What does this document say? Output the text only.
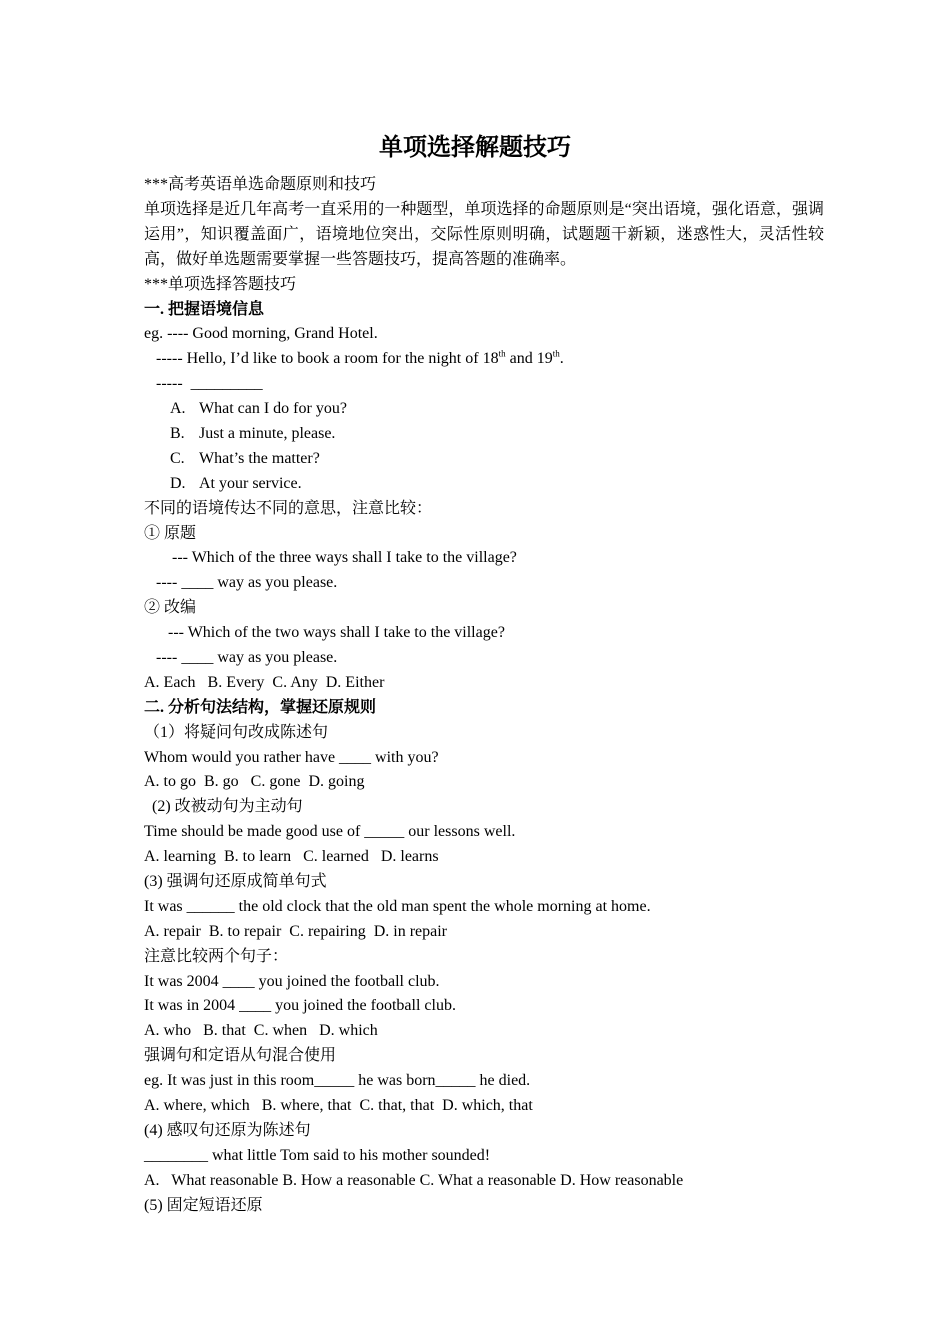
单项选择解题技巧
***高考英语单选命题原则和技巧
单项选择是近几年高考一直采用的一种题型，单项选择的命题原则是“突出语境，强化语意，强调运用”，知识覆盖面广，语境地位突出，交际性原则明确，试题题干新颖，迷惑性大，灵活性较高，做好单选题需要掌握一些答题技巧，提高答题的准确率。
***单项选择答题技巧
一. 把握语境信息
eg. ---- Good morning, Grand Hotel.
----- Hello, I’d like to book a room for the night of 18th and 19th.
-----  _________
A. What can I do for you?
B. Just a minute, please.
C. What’s the matter?
D. At your service.
不同的语境传达不同的意思，注意比较：
① 原题
--- Which of the three ways shall I take to the village?
---- ____ way as you please.
② 改编
--- Which of the two ways shall I take to the village?
---- ____ way as you please.
A. Each   B. Every  C. Any  D. Either
二. 分析句法结构，掌握还原规则
（1）将疑问句改成陈述句
Whom would you rather have ____ with you?
A. to go  B. go   C. gone  D. going
(2) 改被动句为主动句
Time should be made good use of _____ our lessons well.
A. learning  B. to learn   C. learned   D. learns
(3) 强调句还原成简单句式
It was ______ the old clock that the old man spent the whole morning at home.
A. repair  B. to repair  C. repairing  D. in repair
注意比较两个句子：
It was 2004 ____ you joined the football club.
It was in 2004 ____ you joined the football club.
A. who   B. that  C. when   D. which
强调句和定语从句混合使用
eg. It was just in this room_____ he was born_____ he died.
A. where, which   B. where, that  C. that, that  D. which, that
(4) 感叹句还原为陈述句
________ what little Tom said to his mother sounded!
A.   What reasonable B. How a reasonable C. What a reasonable D. How reasonable
(5) 固定短语还原
